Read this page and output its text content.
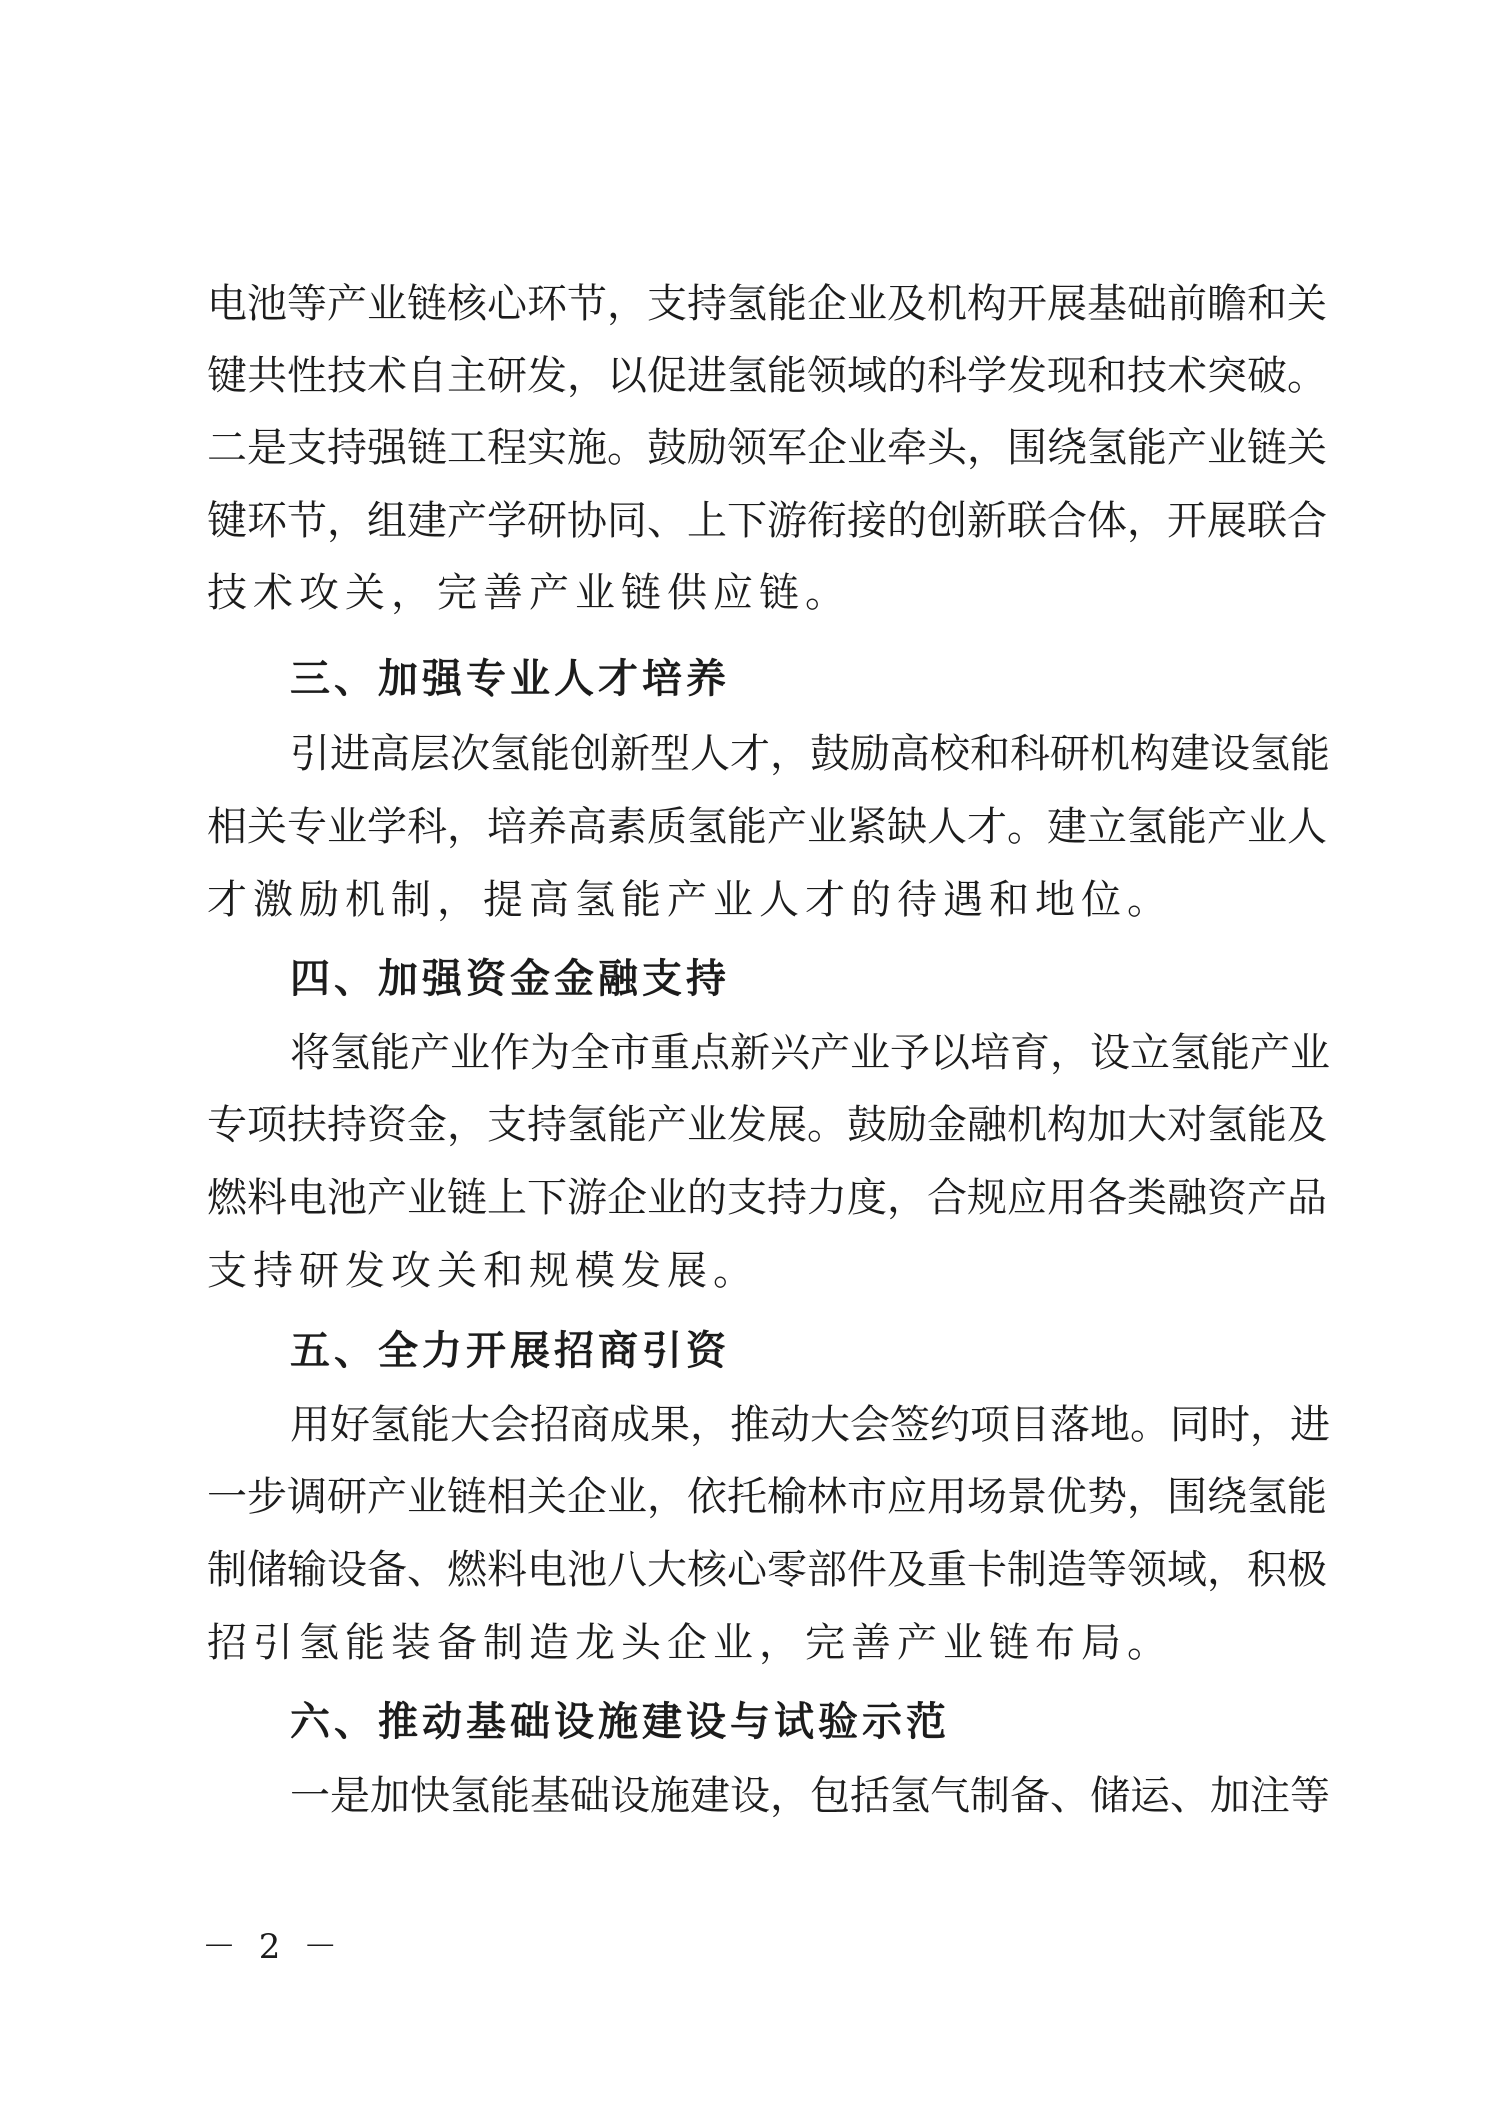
电池等产业链核心环节，支持氢能企业及机构开展基础前瞻和关
键共性技术自主研发，以促进氢能领域的科学发现和技术突破。
二是支持强链工程实施。鼓励领军企业牵头，围绕氢能产业链关
键环节，组建产学研协同、上下游衔接的创新联合体，开展联合
技术攻关，完善产业链供应链。
三、加强专业人才培养
引进高层次氢能创新型人才，鼓励高校和科研机构建设氢能
相关专业学科，培养高素质氢能产业紧缺人才。建立氢能产业人
才激励机制，提高氢能产业人才的待遇和地位。
四、加强资金金融支持
将氢能产业作为全市重点新兴产业予以培育，设立氢能产业
专项扶持资金，支持氢能产业发展。鼓励金融机构加大对氢能及
燃料电池产业链上下游企业的支持力度，合规应用各类融资产品
支持研发攻关和规模发展。
五、全力开展招商引资
用好氢能大会招商成果，推动大会签约项目落地。同时，进
一步调研产业链相关企业，依托榆林市应用场景优势，围绕氢能
制储输设备、燃料电池八大核心零部件及重卡制造等领域，积极
招引氢能装备制造龙头企业，完善产业链布局。
六、推动基础设施建设与试验示范
一是加快氢能基础设施建设，包括氢气制备、储运、加注等
－ 2 －
